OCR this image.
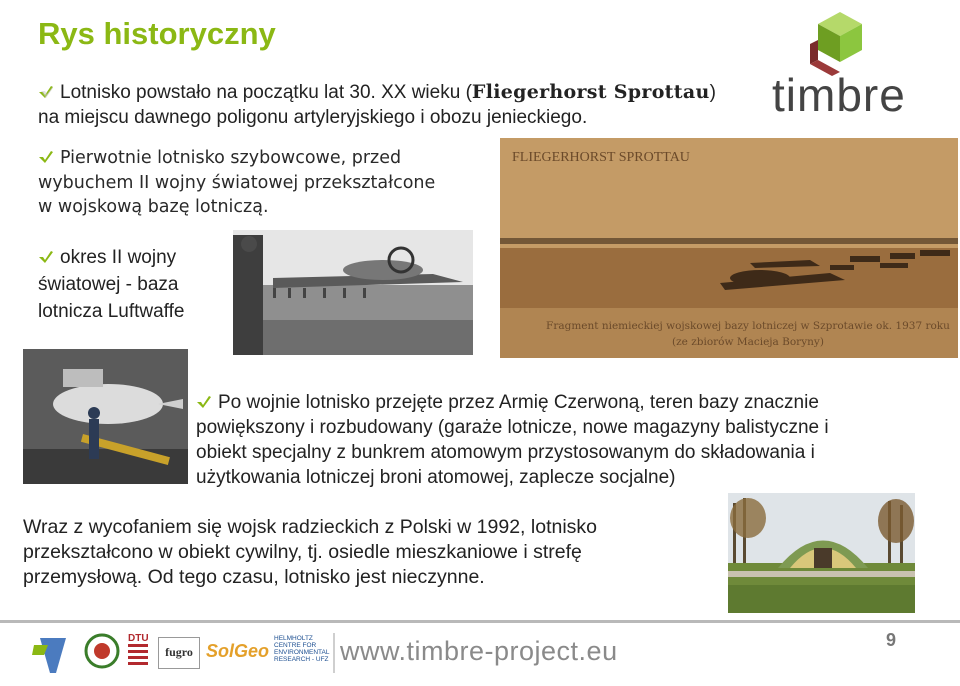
Rys historyczny
timbre
Lotnisko powstało na początku lat 30. XX wieku (Fliegerhorst Sprottau)
na miejscu dawnego poligonu artyleryjskiego i obozu jenieckiego.
Pierwotnie lotnisko szybowcowe, przed
wybuchem II wojny światowej przekształcone
w wojskową bazę lotniczą.
okres II wojny
światowej - baza
lotnicza Luftwaffe
FLIEGERHORST SPROTTAU
Fragment niemieckiej wojskowej bazy lotniczej w Szprotawie ok. 1937 roku
(ze zbiorów Macieja Boryny)
Po wojnie lotnisko przejęte przez Armię Czerwoną, teren bazy znacznie
powiększony i rozbudowany (garaże lotnicze, nowe magazyny balistyczne i
obiekt specjalny z bunkrem atomowym przystosowanym do składowania i
użytkowania lotniczej broni atomowej, zaplecze socjalne)
Wraz z wycofaniem się wojsk radzieckich z Polski w 1992, lotnisko
przekształcono w obiekt cywilny, tj. osiedle mieszkaniowe i strefę
przemysłową. Od tego czasu, lotnisko jest nieczynne.
DTU
fugro SolGeo
HELMHOLTZ CENTRE FOR ENVIRONMENTAL RESEARCH - UFZ www.timbre-project.eu	9
